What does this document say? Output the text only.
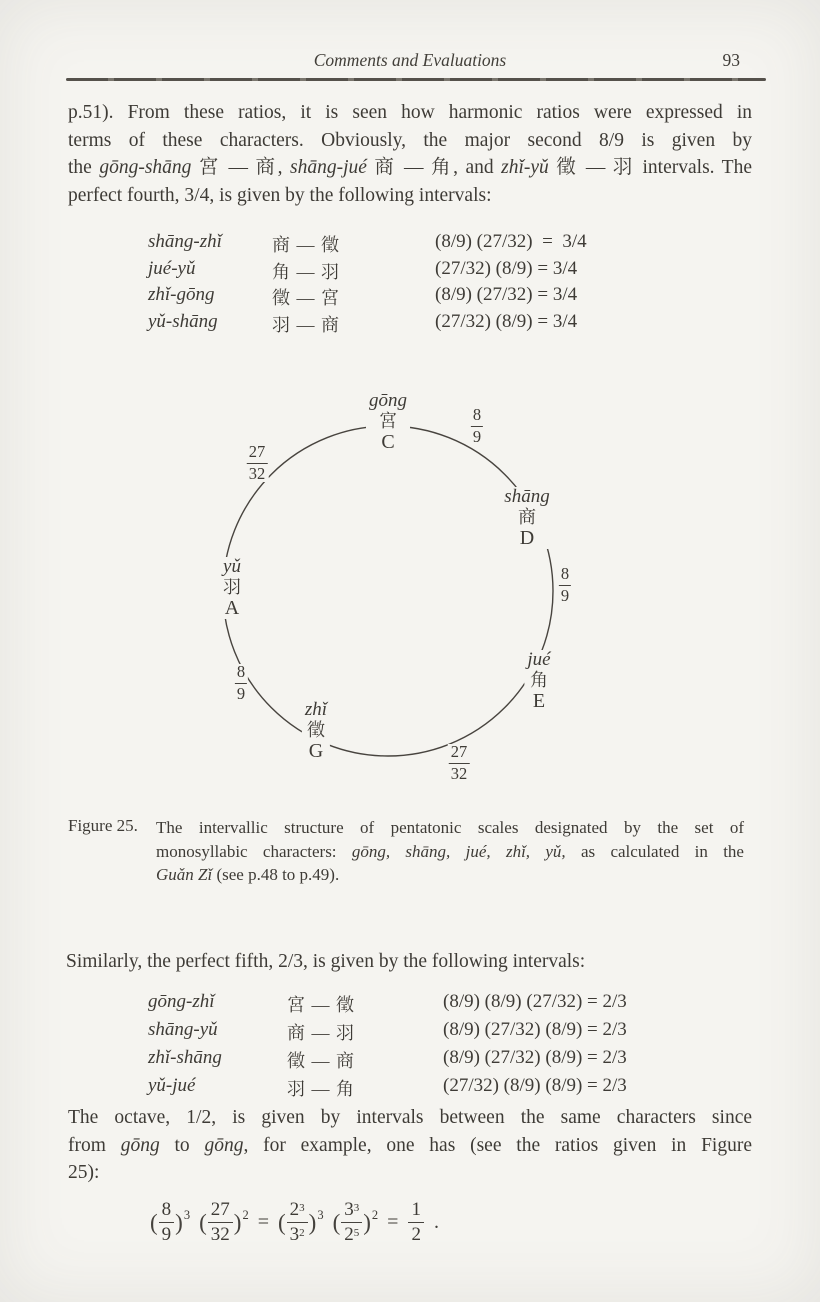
Comments and Evaluations	93
p.51). From these ratios, it is seen how harmonic ratios were expressed in
terms of these characters. Obviously, the major second 8/9 is given by
the gōng-shāng 宮 — 商, shāng-jué 商 — 角, and zhǐ-yǔ 徵 — 羽 intervals. The
perfect fourth, 3/4, is given by the following intervals:
shāng-zhǐ	商 — 徵	(8/9) (27/32)  =  3/4
jué-yǔ	角 — 羽	(27/32) (8/9) = 3/4
zhǐ-gōng	徵 — 宮	(8/9) (27/32) = 3/4
yǔ-shāng	羽 — 商	(27/32) (8/9) = 3/4
gōng
宮
C
shāng
商
D
jué
角
E
zhǐ
徵
G
yǔ
羽
A
$\frac{8}{9}$
$\frac{8}{9}$
$\frac{27}{32}$
$\frac{8}{9}$
$\frac{27}{32}$
Figure 25. The intervallic structure of pentatonic scales designated by the set of
monosyllabic characters: gōng, shāng, jué, zhǐ, yǔ, as calculated in the
Guǎn Zǐ (see p.48 to p.49).
Similarly, the perfect fifth, 2/3, is given by the following intervals:
gōng-zhǐ	宮 — 徵	(8/9) (8/9) (27/32) = 2/3
shāng-yǔ	商 — 羽	(8/9) (27/32) (8/9) = 2/3
zhǐ-shāng	徵 — 商	(8/9) (27/32) (8/9) = 2/3
yǔ-jué	羽 — 角	(27/32) (8/9) (8/9) = 2/3
The octave, 1/2, is given by intervals between the same characters since
from gōng to gōng, for example, one has (see the ratios given in Figure
25):
( $\frac{8}{9}$ ) 3 ( $\frac{27}{32}$ ) 2 = ( $\frac{2^3}{3^2}$ ) 3 ( $\frac{3^3}{2^5}$ ) $2 = \frac{1}{2}$ .
